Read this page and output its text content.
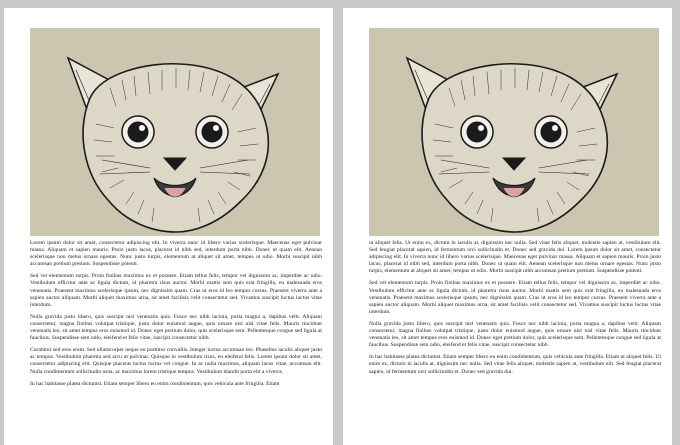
Lorem ipsum dolor sit amet, consectetur adipiscing elit. In viverra nunc id libero varius scelerisque. Maecenas eget pulvinar massa. Aliquam et sapien mauris. Proin justo lacus, placerat id nibh sed, interdum porta nibh. Donec ut quam elit. Aenean scelerisque non metus ornare egestas. Nunc justo turpis, elementum at aliquet sit amet, tempus ut odio. Morbi suscipit nibh accumsan pretium pretium. Suspendisse potenti.

Sed vel elementum turpis. Proin finibus maximus ex et posuere. Etiam tellus felis, tempor vel dignissim ac, imperdiet ac odio. Vestibulum efficitur ante ac ligula dictum, id pharetra risus auctor. Morbi mattis sem quis erat fringilla, eu malesuada eros venenatis. Praesent maximus scelerisque ipsum, nec dignissim quam. Cras ut eros id leo tempor cursus. Praesent viverra ante a sapien auctor aliquam. Morbi aliquet maximus urna, sit amet facilisis velit consectetur sed. Vivamus suscipit luctus luctus vitae interdum.

Nulla gravida justo libero, quis suscipit nisl venenatis quis. Fusce nec nibh lacinia, porta magna a, dapibus velit. Aliquam consectetur, magna finibus volutpat tristique, justo dolor euismod augue, quis ornare nisl nisl vitae felis. Mauris tincidunt venenatis leo, sit amet tempus eros euismod id. Donec eget pretium dolor, quis scelerisque sem. Pellentesque congue sed ligula at faucibus. Suspendisse sem odio, eleifend et felis vitae, suscipit consectetur nibh.

Curabitur sed eros enim. Sed ullamcorper neque eu porttitor convallis. Integer luctus accumsan leo. Phasellus iaculis aliquet justo ac tempus. Vestibulum pharetra sed arcu ut pulvinar. Quisque in vestibulum risus, eu eleifend felis. Lorem ipsum dolor sit amet, consectetur adipiscing elit. Quisque placerat luctus luctus vel congue. In ac nulla maximus, aliquam lacus vitae, accumsan elit. Nulla condimentum sollicitudin urna, ac maximus lorem tristique tempus. Vestibulum blandit porta elit a viverra.

In hac habitasse platea dictumst. Etiam semper libero eu enim condimentum, quis vehicula ante fringilla. Etiam

ut aliquet felis. Ut enim ex, dictum in iaculis at, dignissim nec nulla. Sed vitae felis aliquet, molestie sapien at, vestibulum elit. Sed feugiat placerat sapien, id fermentum orci sollicitudin et. Donec sed gravida dui. Lorem ipsum dolor sit amet, consectetur adipiscing elit. In viverra nunc id libero varius scelerisque. Maecenas eget pulvinar massa. Aliquam et sapien mauris. Proin justo lacus, placerat id nibh sed, interdum porta nibh. Donec ut quam elit. Aenean scelerisque non metus ornare egestas. Nunc justo turpis, elementum at aliquet sit amet, tempus ut odio. Morbi suscipit nibh accumsan pretium pretium. Suspendisse potenti.

Sed vel elementum turpis. Proin finibus maximus ex et posuere. Etiam tellus felis, tempor vel dignissim ac, imperdiet ac odio. Vestibulum efficitur ante ac ligula dictum, id pharetra risus auctor. Morbi mattis sem quis erat fringilla, eu malesuada eros venenatis. Praesent maximus scelerisque ipsum, nec dignissim quam. Cras ut eros id leo tempor cursus. Praesent viverra ante a sapien auctor aliquam. Morbi aliquet maximus urna, sit amet facilisis velit consectetur sed. Vivamus suscipit luctus luctus vitae interdum.

Nulla gravida justo libero, quis suscipit nisl venenatis quis. Fusce nec nibh lacinia, porta magna a, dapibus velit. Aliquam consectetur, magna finibus volutpat tristique, justo dolor euismod augue, quis ornare nisl nisl vitae felis. Mauris tincidunt venenatis leo, sit amet tempus eros euismod id. Donec eget pretium dolor, quis scelerisque sem. Pellentesque congue sed ligula at faucibus. Suspendisse sem odio, eleifend et felis vitae, suscipit consectetur nibh.

In hac habitasse platea dictumst. Etiam semper libero eu enim condimentum, quis vehicula ante fringilla. Etiam ut aliquet felis. Ut enim ex, dictum in iaculis at, dignissim nec nulla. Sed vitae felis aliquet, molestie sapien at, vestibulum elit. Sed feugiat placerat sapien, id fermentum orci sollicitudin et. Donec sed gravida dui.
